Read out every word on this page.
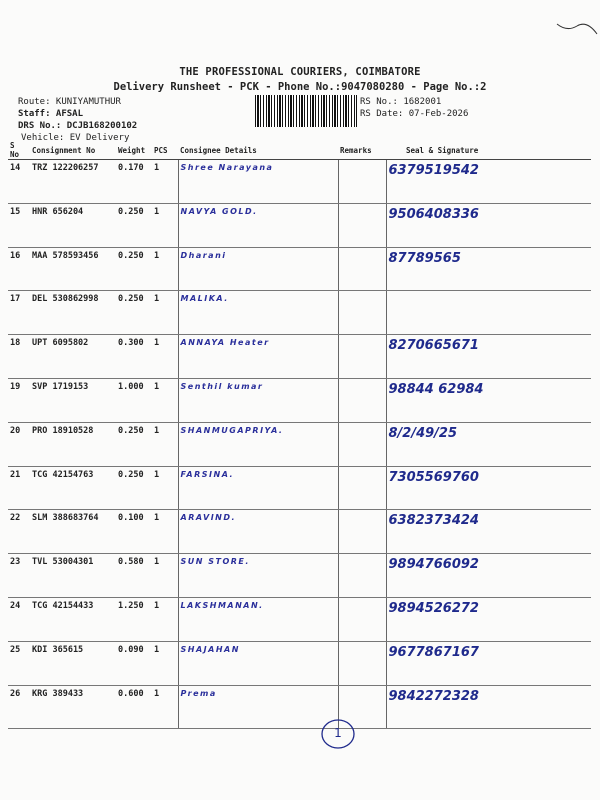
THE PROFESSIONAL COURIERS, COIMBATORE
Delivery Runsheet - PCK - Phone No.:9047080280 - Page No.:2
Route: KUNIYAMUTHUR
Staff: AFSAL
DRS No.: DCJB168200102
Vehicle: EV Delivery
RS No.: 1682001
RS Date: 07-Feb-2026
S No	Consignment No	Weight	PCS	Consignee Details	Remarks	Seal & Signature
14	TRZ 122206257	0.170	1	Shree Narayana		6379519542
15	HNR 656204	0.250	1	NAVYA GOLD.		9506408336
16	MAA 578593456	0.250	1	Dharani		87789565
17	DEL 530862998	0.250	1	MALIKA.		
18	UPT 6095802	0.300	1	ANNAYA Heater		8270665671
19	SVP 1719153	1.000	1	Senthil kumar		98844 62984
20	PRO 18910528	0.250	1	SHANMUGAPRIYA.		8/2/49/25
21	TCG 42154763	0.250	1	FARSINA.		7305569760
22	SLM 388683764	0.100	1	ARAVIND.		6382373424
23	TVL 53004301	0.580	1	SUN STORE.		9894766092
24	TCG 42154433	1.250	1	LAKSHMANAN.		9894526272
25	KDI 365615	0.090	1	SHAJAHAN		9677867167
26	KRG 389433	0.600	1	Prema		9842272328
1
